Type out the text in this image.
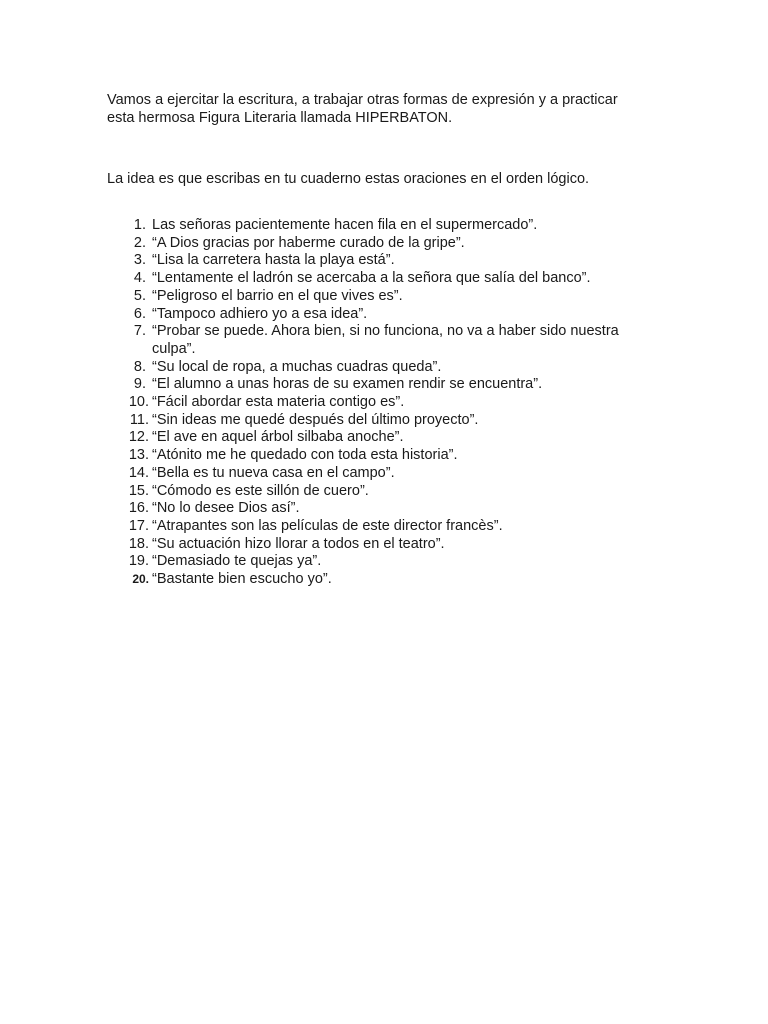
Vamos a ejercitar la escritura, a trabajar otras formas de expresión y a practicar

esta hermosa Figura Literaria llamada HIPERBATON.

La idea es que escribas en tu cuaderno estas oraciones en el orden lógico.
1. Las señoras pacientemente hacen fila en el supermercado”.
2. “A Dios gracias por haberme curado de la gripe”.
3. “Lisa la carretera hasta la playa está”.
4. “Lentamente el ladrón se acercaba a la señora que salía del banco”.
5. “Peligroso el barrio en el que vives es”.
6. “Tampoco adhiero yo a esa idea”.
7. “Probar se puede. Ahora bien, si no funciona, no va a haber sido nuestra culpa”.
8. “Su local de ropa, a muchas cuadras queda”.
9. “El alumno a unas horas de su examen rendir se encuentra”.
10. “Fácil abordar esta materia contigo es”.
11. “Sin ideas me quedé después del último proyecto”.
12. “El ave en aquel árbol silbaba anoche”.
13. “Atónito me he quedado con toda esta historia”.
14. “Bella es tu nueva casa en el campo”.
15. “Cómodo es este sillón de cuero”.
16. “No lo desee Dios así”.
17. “Atrapantes son las películas de este director francès”.
18. “Su actuación hizo llorar a todos en el teatro”.
19. “Demasiado te quejas ya”.
20. “Bastante bien escucho yo”.
